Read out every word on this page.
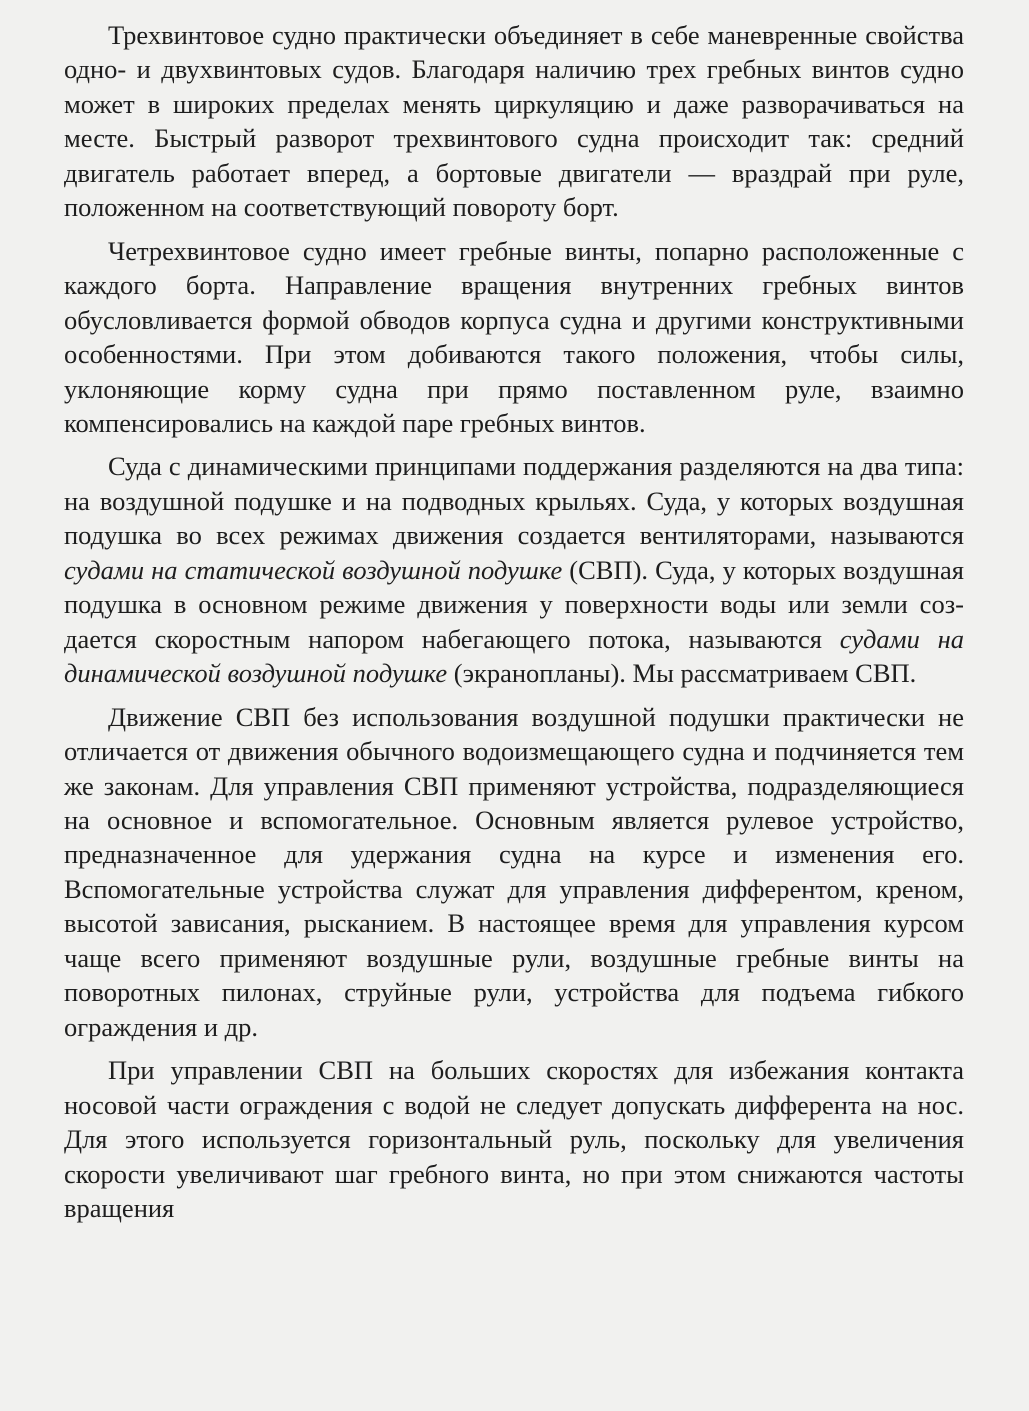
Трехвинтовое судно практически объединяет в себе маневренные свойства одно- и двухвинтовых судов. Благодаря наличию трех гребных винтов судно может в широких пределах менять циркуляцию и даже разворачиваться на месте. Быстрый разворот трехвинтового судна происходит так: средний двигатель работает вперед, а бортовые двигатели — враздрай при руле, положенном на соответствующий повороту борт.

Четрехвинтовое судно имеет гребные винты, попарно расположенные с каждого борта. Направление вращения внутренних гребных винтов обусловливается формой обводов корпуса судна и другими конструктивными особенностями. При этом добиваются такого положения, чтобы силы, уклоняющие корму судна при прямо поставленном руле, взаимно компенсировались на каждой паре гребных винтов.

Суда с динамическими принципами поддержания разделяются на два типа: на воздушной подушке и на подводных крыльях. Суда, у которых воздушная подушка во всех режимах движения создается вентиляторами, называются судами на статической воздушной подушке (СВП). Суда, у которых воздушная подушка в основном режиме движения у поверхности воды или земли создается скоростным напором набегающего потока, называются судами на динамической воздушной подушке (экранопланы). Мы рассматриваем СВП.

Движение СВП без использования воздушной подушки практически не отличается от движения обычного водоизмещающего судна и подчиняется тем же законам. Для управления СВП применяют устройства, подразделяющиеся на основное и вспомогательное. Основным является рулевое устройство, предназначенное для удержания судна на курсе и изменения его. Вспомогательные устройства служат для управления дифферентом, креном, высотой зависания, рысканием. В настоящее время для управления курсом чаще всего применяют воздушные рули, воздушные гребные винты на поворотных пилонах, струйные рули, устройства для подъема гибкого ограждения и др.

При управлении СВП на больших скоростях для избежания контакта носовой части ограждения с водой не следует допускать дифферента на нос. Для этого используется горизонтальный руль, поскольку для увеличения скорости увеличивают шаг гребного винта, но при этом снижаются частоты вращения
